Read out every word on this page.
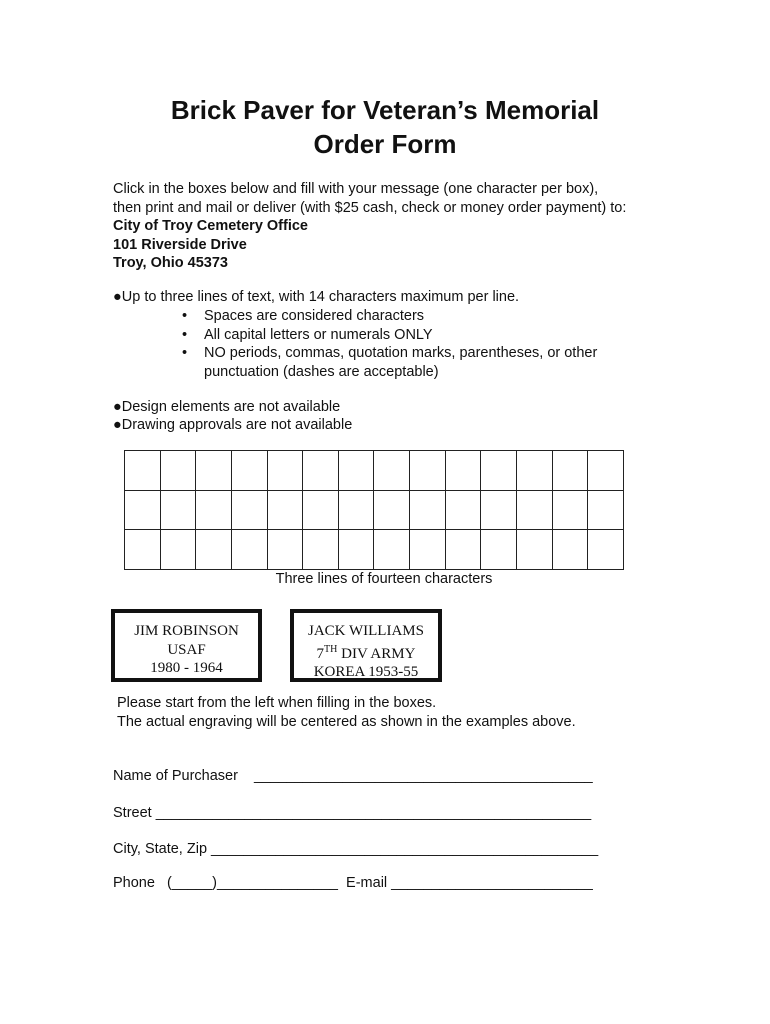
Brick Paver for Veteran’s Memorial
Order Form
Click in the boxes below and fill with your message (one character per box),
then print and mail or deliver (with $25 cash, check or money order payment) to:
City of Troy Cemetery Office
101 Riverside Drive
Troy, Ohio 45373
●Up to three lines of text, with 14 characters maximum per line.
• Spaces are considered characters
• All capital letters or numerals ONLY
• NO periods, commas, quotation marks, parentheses, or other
punctuation (dashes are acceptable)
●Design elements are not available
●Drawing approvals are not available
Three lines of fourteen characters
JIM ROBINSON
USAF
1980 - 1964
JACK WILLIAMS
7TH DIV ARMY
KOREA 1953-55
Please start from the left when filling in the boxes.
The actual engraving will be centered as shown in the examples above.
Name of Purchaser __________________________________________
Street ______________________________________________________
City, State, Zip ________________________________________________
Phone (_____)_______________ E-mail _________________________
